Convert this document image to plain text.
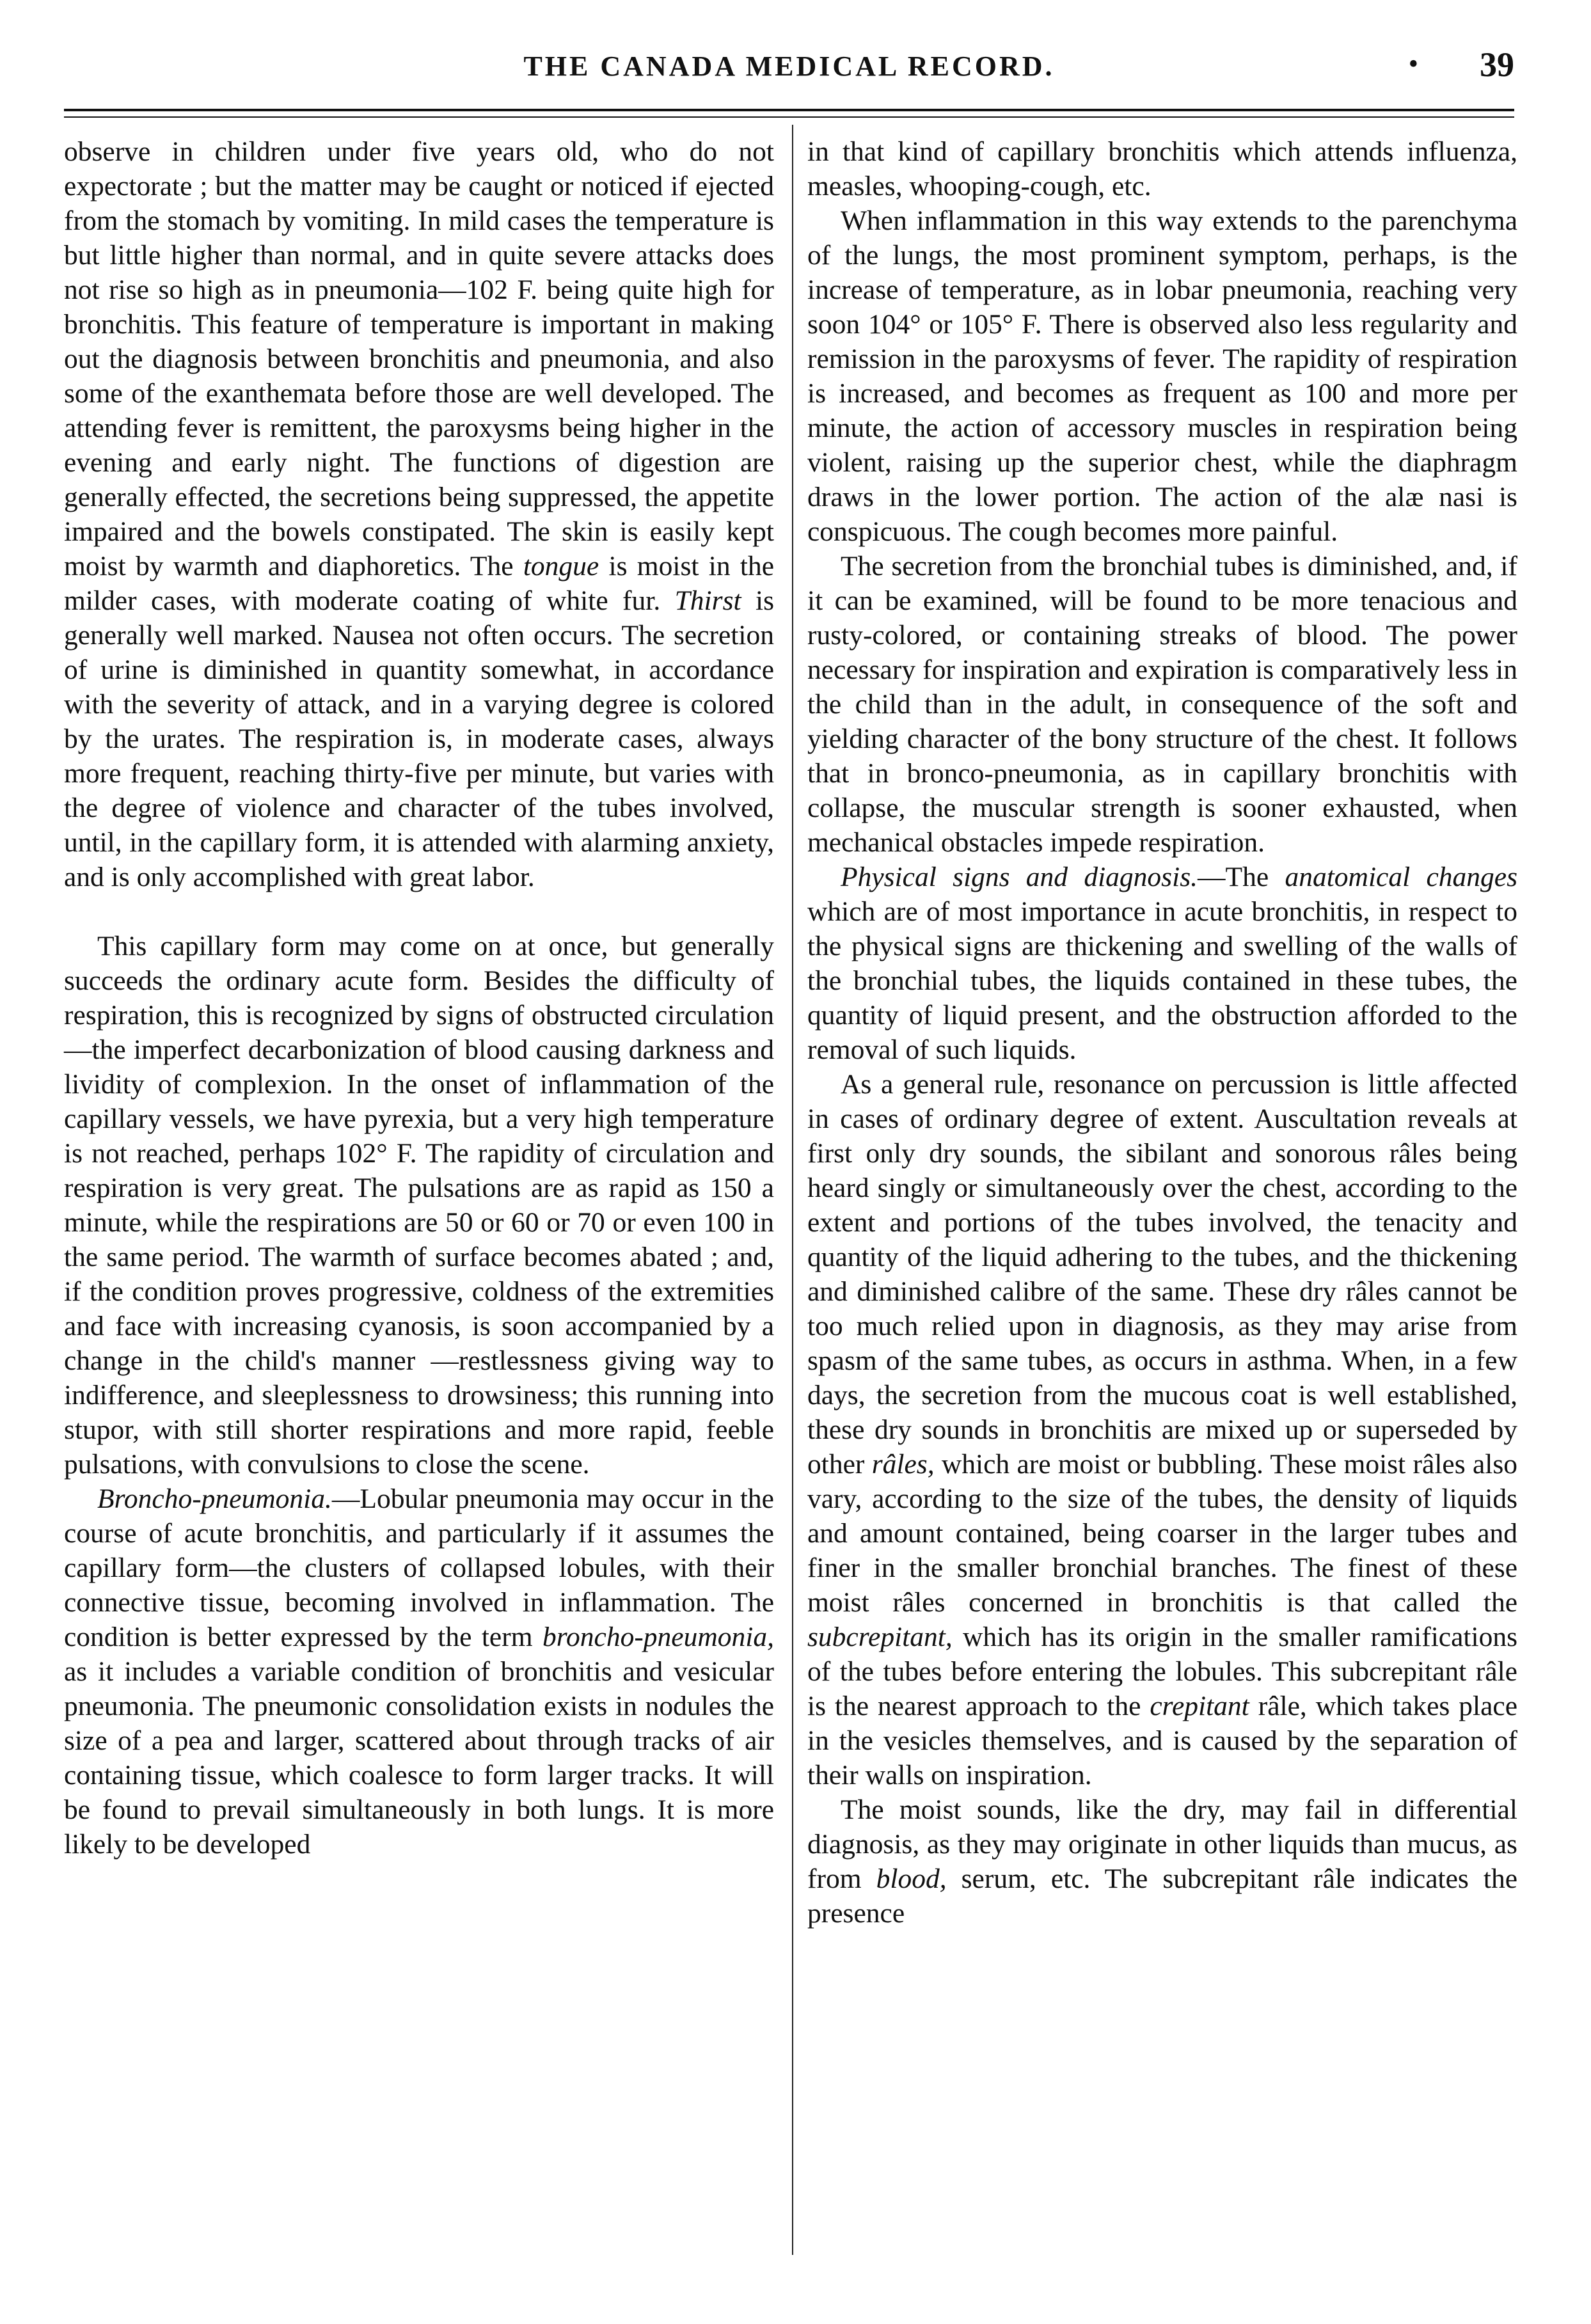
THE CANADA MEDICAL RECORD.	• 39

observe in children under five years old, who do not expectorate ; but the matter may be caught or noticed if ejected from the stomach by vomiting. In mild cases the temperature is but little higher than normal, and in quite severe attacks does not rise so high as in pneumonia—102 F. being quite high for bronchitis. This feature of temperature is important in making out the diagnosis between bronchitis and pneumonia, and also some of the exanthemata before those are well developed. The attending fever is remittent, the paroxysms being higher in the evening and early night. The functions of digestion are generally effected, the secretions being suppressed, the appetite impaired and the bowels constipated. The skin is easily kept moist by warmth and diaphoretics. The tongue is moist in the milder cases, with moderate coating of white fur. Thirst is generally well marked. Nausea not often occurs. The secretion of urine is diminished in quantity somewhat, in accordance with the severity of attack, and in a varying degree is colored by the urates. The respiration is, in moderate cases, always more frequent, reaching thirty-five per minute, but varies with the degree of violence and character of the tubes involved, until, in the capillary form, it is attended with alarming anxiety, and is only accomplished with great labor.

This capillary form may come on at once, but generally succeeds the ordinary acute form. Besides the difficulty of respiration, this is recognized by signs of obstructed circulation—the imperfect decarbonization of blood causing darkness and lividity of complexion. In the onset of inflammation of the capillary vessels, we have pyrexia, but a very high temperature is not reached, perhaps 102° F. The rapidity of circulation and respiration is very great. The pulsations are as rapid as 150 a minute, while the respirations are 50 or 60 or 70 or even 100 in the same period. The warmth of surface becomes abated ; and, if the condition proves progressive, coldness of the extremities and face with increasing cyanosis, is soon accompanied by a change in the child's manner —restlessness giving way to indifference, and sleeplessness to drowsiness; this running into stupor, with still shorter respirations and more rapid, feeble pulsations, with convulsions to close the scene.

Broncho-pneumonia.—Lobular pneumonia may occur in the course of acute bronchitis, and particularly if it assumes the capillary form—the clusters of collapsed lobules, with their connective tissue, becoming involved in inflammation. The condition is better expressed by the term broncho-pneumonia, as it includes a variable condition of bronchitis and vesicular pneumonia. The pneumonic consolidation exists in nodules the size of a pea and larger, scattered about through tracks of air containing tissue, which coalesce to form larger tracks. It will be found to prevail simultaneously in both lungs. It is more likely to be developed

in that kind of capillary bronchitis which attends influenza, measles, whooping-cough, etc.

When inflammation in this way extends to the parenchyma of the lungs, the most prominent symptom, perhaps, is the increase of temperature, as in lobar pneumonia, reaching very soon 104° or 105° F. There is observed also less regularity and remission in the paroxysms of fever. The rapidity of respiration is increased, and becomes as frequent as 100 and more per minute, the action of accessory muscles in respiration being violent, raising up the superior chest, while the diaphragm draws in the lower portion. The action of the alæ nasi is conspicuous. The cough becomes more painful.

The secretion from the bronchial tubes is diminished, and, if it can be examined, will be found to be more tenacious and rusty-colored, or containing streaks of blood. The power necessary for inspiration and expiration is comparatively less in the child than in the adult, in consequence of the soft and yielding character of the bony structure of the chest. It follows that in bronco-pneumonia, as in capillary bronchitis with collapse, the muscular strength is sooner exhausted, when mechanical obstacles impede respiration.

Physical signs and diagnosis.—The anatomical changes which are of most importance in acute bronchitis, in respect to the physical signs are thickening and swelling of the walls of the bronchial tubes, the liquids contained in these tubes, the quantity of liquid present, and the obstruction afforded to the removal of such liquids.

As a general rule, resonance on percussion is little affected in cases of ordinary degree of extent. Auscultation reveals at first only dry sounds, the sibilant and sonorous râles being heard singly or simultaneously over the chest, according to the extent and portions of the tubes involved, the tenacity and quantity of the liquid adhering to the tubes, and the thickening and diminished calibre of the same. These dry râles cannot be too much relied upon in diagnosis, as they may arise from spasm of the same tubes, as occurs in asthma. When, in a few days, the secretion from the mucous coat is well established, these dry sounds in bronchitis are mixed up or superseded by other râles, which are moist or bubbling. These moist râles also vary, according to the size of the tubes, the density of liquids and amount contained, being coarser in the larger tubes and finer in the smaller bronchial branches. The finest of these moist râles concerned in bronchitis is that called the subcrepitant, which has its origin in the smaller ramifications of the tubes before entering the lobules. This subcrepitant râle is the nearest approach to the crepitant râle, which takes place in the vesicles themselves, and is caused by the separation of their walls on inspiration.

The moist sounds, like the dry, may fail in differential diagnosis, as they may originate in other liquids than mucus, as from blood, serum, etc. The subcrepitant râle indicates the presence
